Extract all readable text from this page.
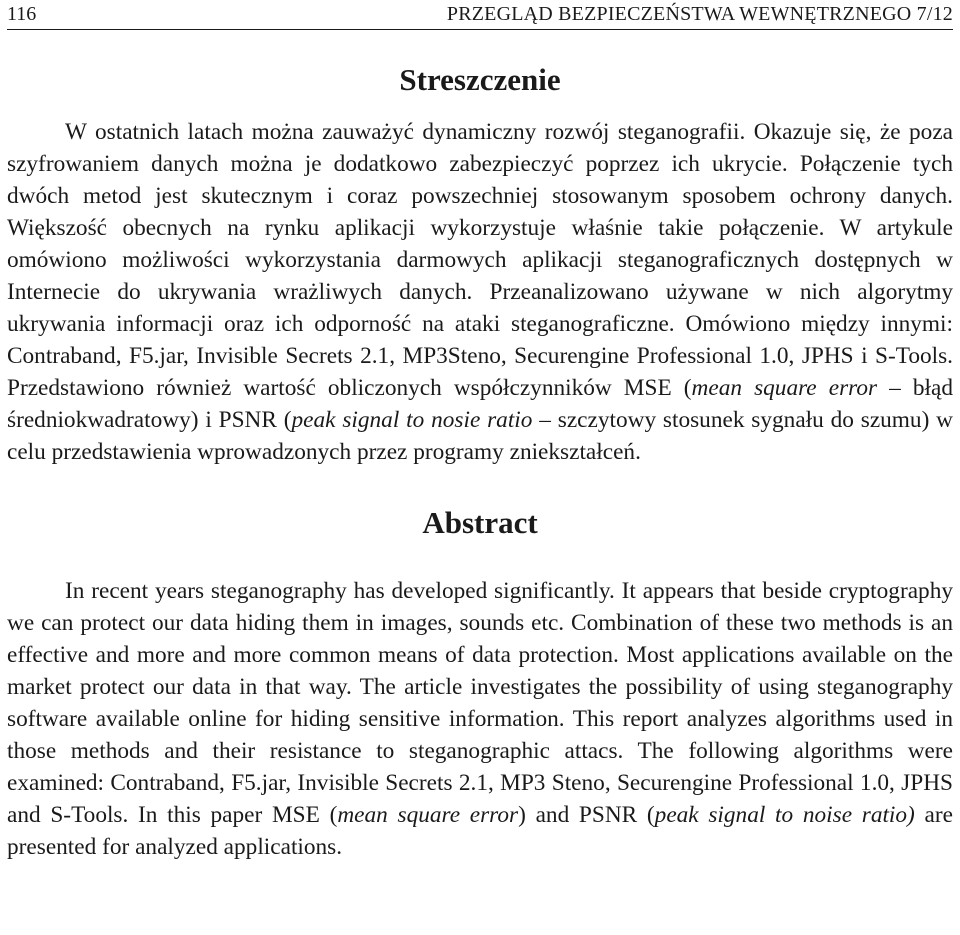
116	PRZEGLĄD BEZPIECZEŃSTWA WEWNĘTRZNEGO 7/12
Streszczenie

W ostatnich latach można zauważyć dynamiczny rozwój steganografii. Okazuje się, że poza szyfrowaniem danych można je dodatkowo zabezpieczyć poprzez ich ukrycie. Połączenie tych dwóch metod jest skutecznym i coraz powszechniej stosowanym sposobem ochrony danych. Większość obecnych na rynku aplikacji wykorzystuje właśnie takie połączenie. W artykule omówiono możliwości wykorzystania darmowych aplikacji steganograficznych dostępnych w Internecie do ukrywania wrażliwych danych. Przeanalizowano używane w nich algorytmy ukrywania informacji oraz ich odporność na ataki steganograficzne. Omówiono między innymi: Contraband, F5.jar, Invisible Secrets 2.1, MP3Steno, Securengine Professional 1.0, JPHS i S-Tools. Przedstawiono również wartość obliczonych współczynników MSE (mean square error – błąd średniokwadratowy) i PSNR (peak signal to nosie ratio – szczytowy stosunek sygnału do szumu) w celu przedstawienia wprowadzonych przez programy zniekształceń.

Abstract

In recent years steganography has developed significantly. It appears that beside cryptography we can protect our data hiding them in images, sounds etc. Combination of these two methods is an effective and more and more common means of data protection. Most applications available on the market protect our data in that way. The article investigates the possibility of using steganography software available online for hiding sensitive information. This report analyzes algorithms used in those methods and their resistance to steganographic attacs. The following algorithms were examined: Contraband, F5.jar, Invisible Secrets 2.1, MP3 Steno, Securengine Professional 1.0, JPHS and S-Tools. In this paper MSE (mean square error) and PSNR (peak signal to noise ratio) are presented for analyzed applications.
